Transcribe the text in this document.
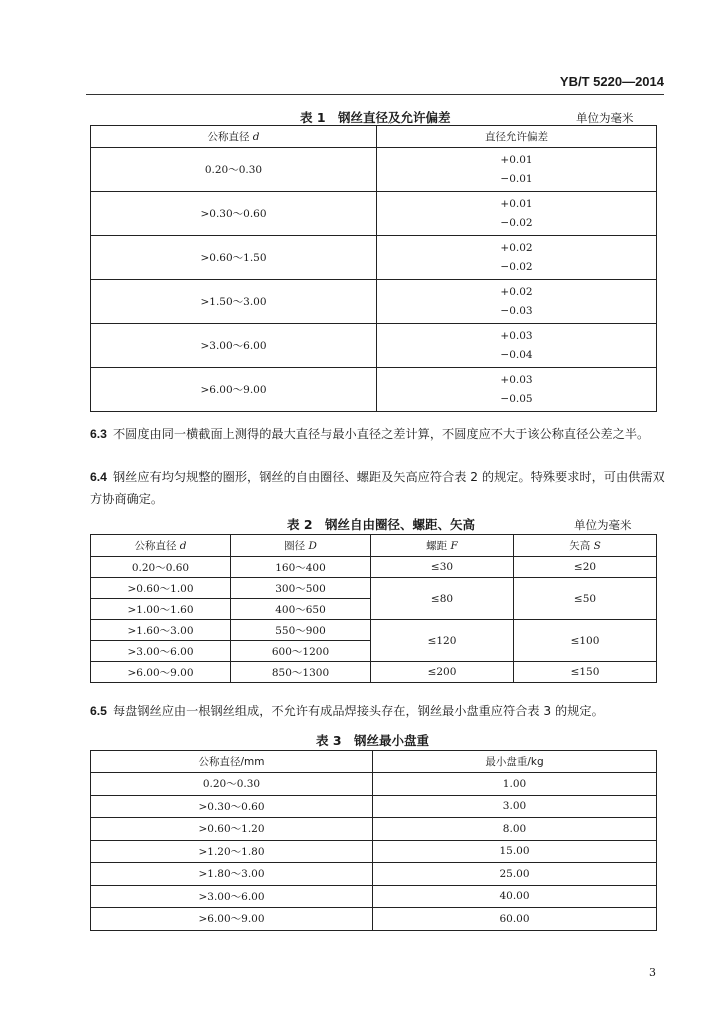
YB/T 5220—2014
表 1　钢丝直径及允许偏差	单位为毫米
公称直径 d	直径允许偏差
0.20～0.30	+0.01
−0.01

>0.30～0.60	+0.01
−0.02

>0.60～1.50	+0.02
−0.02

>1.50～3.00	+0.02
−0.03

>3.00～6.00	+0.03
−0.04

>6.00～9.00	+0.03
−0.05
6.3 不圆度由同一横截面上测得的最大直径与最小直径之差计算，不圆度应不大于该公称直径公差之半。
6.4 钢丝应有均匀规整的圈形，钢丝的自由圈径、螺距及矢高应符合表 2 的规定。特殊要求时，可由供需双方协商确定。
表 2　钢丝自由圈径、螺距、矢高	单位为毫米
公称直径 d	圈径 D	螺距 F	矢高 S
0.20～0.60	160～400	≤30	≤20
>0.60～1.00	300～500	≤80	≤50
>1.00～1.60	400～650		
>1.60～3.00	550～900	≤120	≤100
>3.00～6.00	600～1200		
>6.00～9.00	850～1300	≤200	≤150
6.5 每盘钢丝应由一根钢丝组成，不允许有成品焊接头存在，钢丝最小盘重应符合表 3 的规定。
表 3　钢丝最小盘重
公称直径/mm	最小盘重/kg
0.20～0.30	1.00
>0.30～0.60	3.00
>0.60～1.20	8.00
>1.20～1.80	15.00
>1.80～3.00	25.00
>3.00～6.00	40.00
>6.00～9.00	60.00
3
